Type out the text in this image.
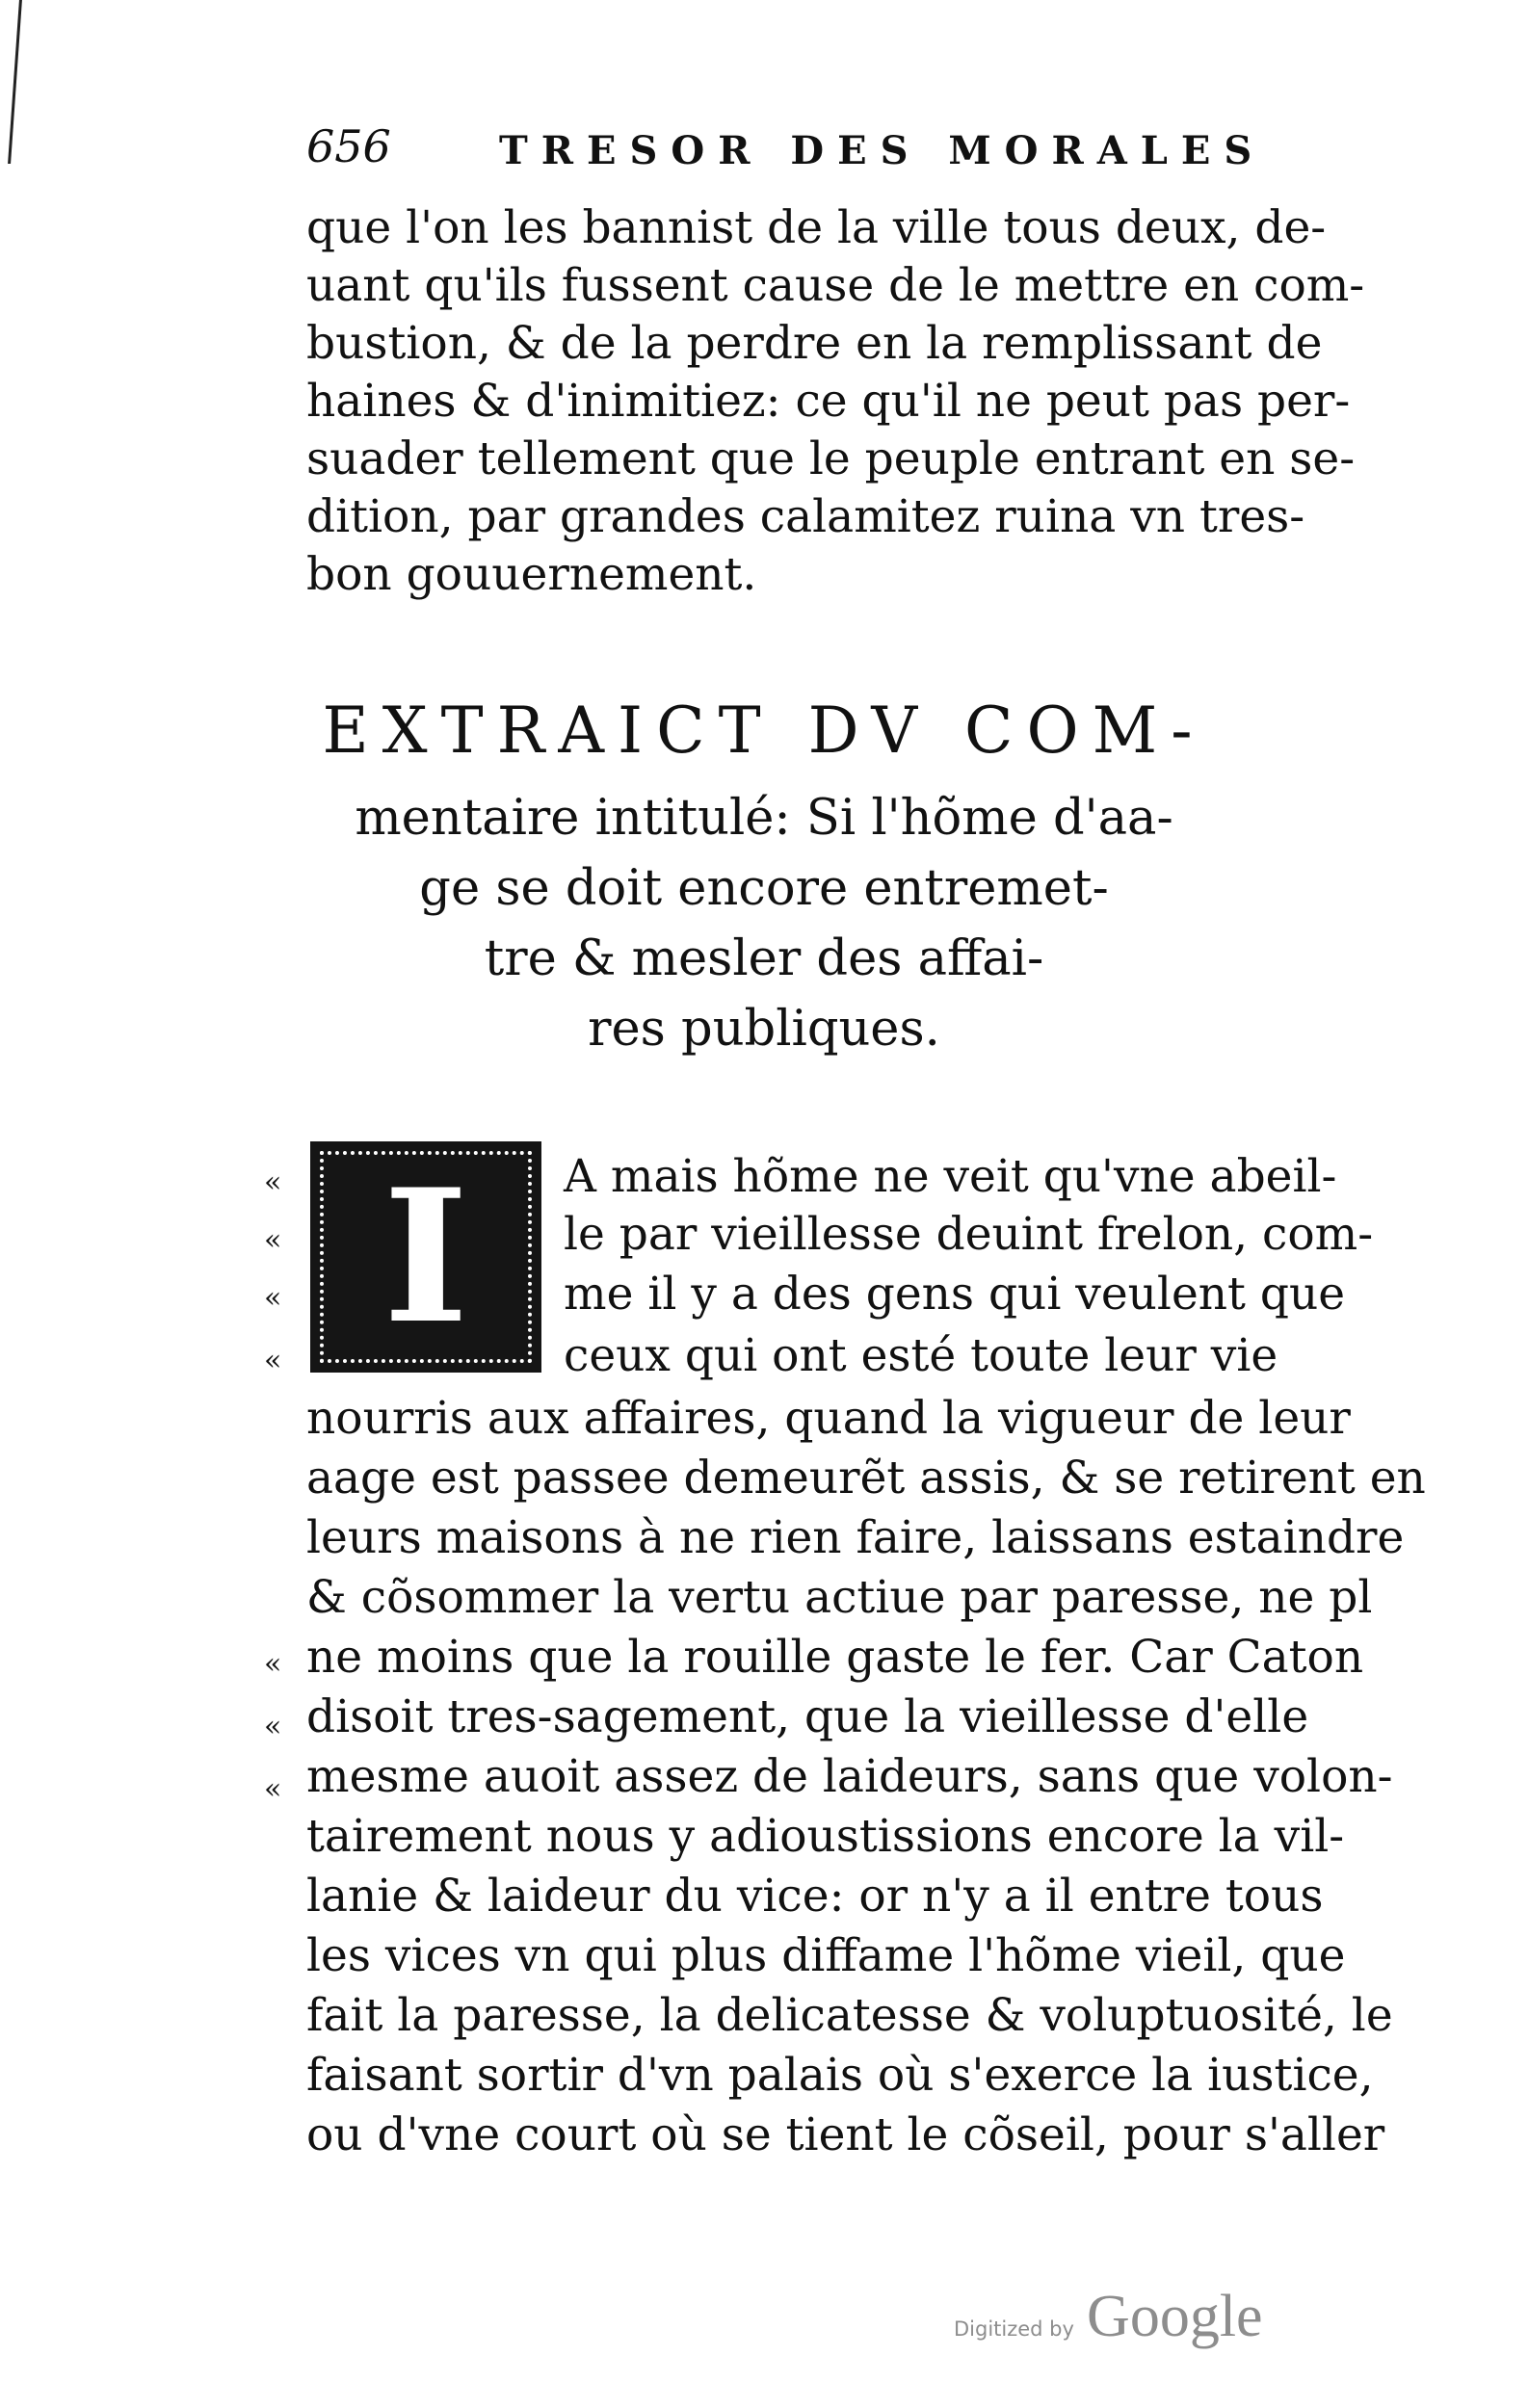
656	TRESOR DES MORALES
que l'on les bannist de la ville tous deux, de-
uant qu'ils fussent cause de le mettre en com-
bustion, & de la perdre en la remplissant de
haines & d'inimitiez: ce qu'il ne peut pas per-
suader tellement que le peuple entrant en se-
dition, par grandes calamitez ruina vn tres-
bon gouuernement.
EXTRAICT DV COM-
mentaire intitulé: Si l'hõme d'aa-
ge se doit encore entremet-
tre & mesler des affai-
res publiques.
I
«
«
«
«
«
«
«
A mais hõme ne veit qu'vne abeil-
le par vieillesse deuint frelon, com-
me il y a des gens qui veulent que
ceux qui ont esté toute leur vie
nourris aux affaires, quand la vigueur de leur
aage est passee demeurẽt assis, & se retirent en
leurs maisons à ne rien faire, laissans estaindre
& cõsommer la vertu actiue par paresse, ne pl
ne moins que la rouille gaste le fer. Car Caton
disoit tres-sagement, que la vieillesse d'elle
mesme auoit assez de laideurs, sans que volon-
tairement nous y adioustissions encore la vil-
lanie & laideur du vice: or n'y a il entre tous
les vices vn qui plus diffame l'hõme vieil, que
fait la paresse, la delicatesse & voluptuosité, le
faisant sortir d'vn palais où s'exerce la iustice,
ou d'vne court où se tient le cõseil, pour s'aller
Digitized by Google
